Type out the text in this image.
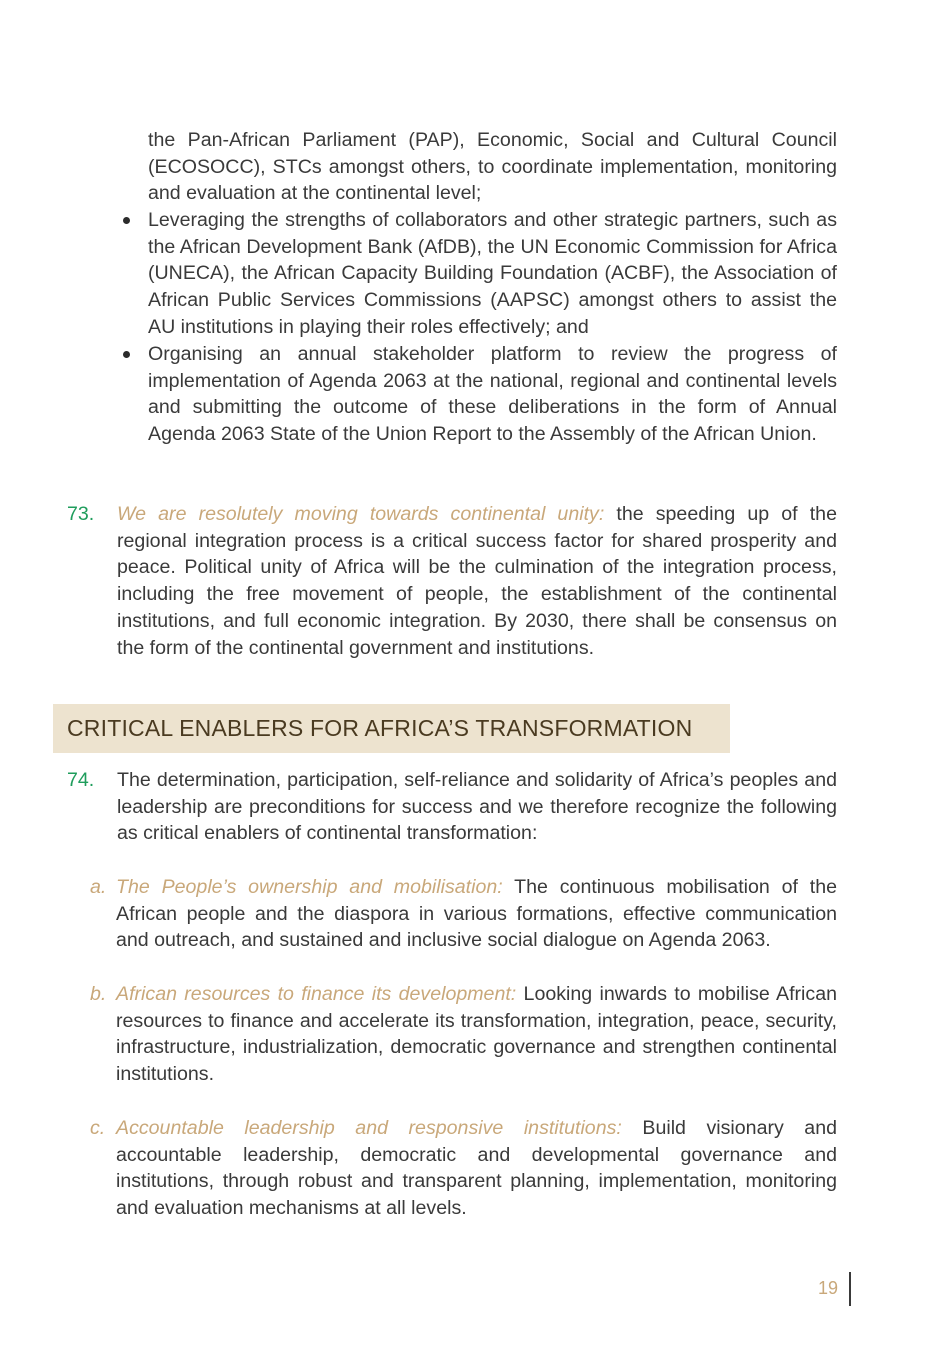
the Pan-African Parliament (PAP), Economic, Social and Cultural Council (ECOSOCC), STCs amongst others, to coordinate implementation, monitoring and evaluation at the continental level;

Leveraging the strengths of collaborators and other strategic partners, such as the African Development Bank (AfDB), the UN Economic Commission for Africa (UNECA), the African Capacity Building Foundation (ACBF), the Association of African Public Services Commissions (AAPSC) amongst others to assist the AU institutions in playing their roles effectively; and
Organising an annual stakeholder platform to review the progress of implementation of Agenda 2063 at the national, regional and continental levels and submitting the outcome of these deliberations in the form of Annual Agenda 2063 State of the Union Report to the Assembly of the African Union.
73. We are resolutely moving towards continental unity: the speeding up of the regional integration process is a critical success factor for shared prosperity and peace. Political unity of Africa will be the culmination of the integration process, including the free movement of people, the establishment of the continental institutions, and full economic integration. By 2030, there shall be consensus on the form of the continental government and institutions.

CRITICAL ENABLERS FOR AFRICA’S TRANSFORMATION
74. The determination, participation, self-reliance and solidarity of Africa’s peoples and leadership are preconditions for success and we therefore recognize the following as critical enablers of continental transformation:

a. The People’s ownership and mobilisation: The continuous mobilisation of the African people and the diaspora in various formations, effective communication and outreach, and sustained and inclusive social dialogue on Agenda 2063.

b. African resources to finance its development: Looking inwards to mobilise African resources to finance and accelerate its transformation, integration, peace, security, infrastructure, industrialization, democratic governance and strengthen continental institutions.

c. Accountable leadership and responsive institutions: Build visionary and accountable leadership, democratic and developmental governance and institutions, through robust and transparent planning, implementation, monitoring and evaluation mechanisms at all levels.

19
